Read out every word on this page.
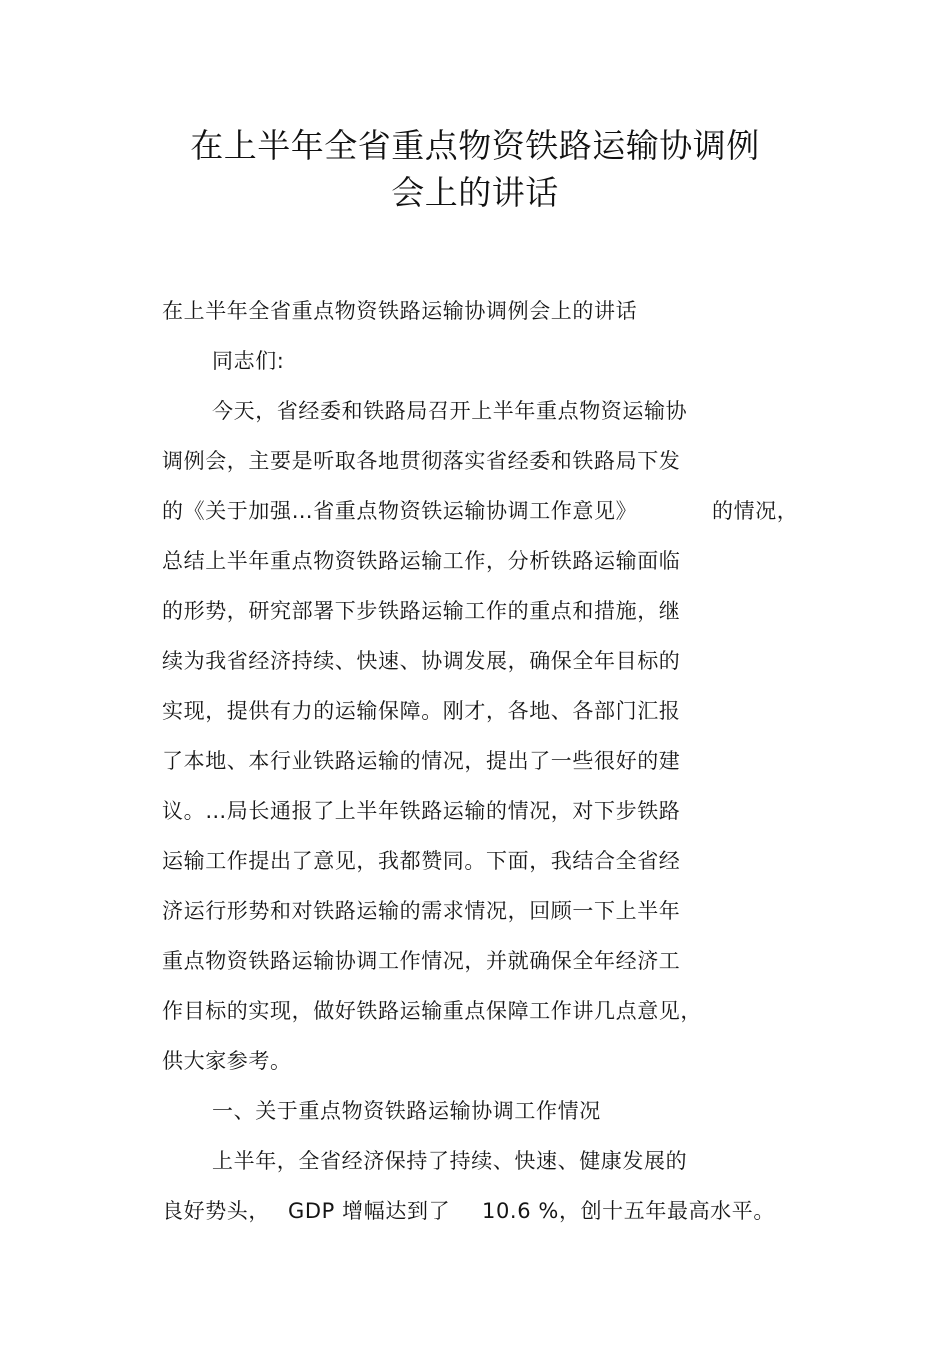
在上半年全省重点物资铁路运输协调例
会上的讲话
在上半年全省重点物资铁路运输协调例会上的讲话
同志们:
今天，省经委和铁路局召开上半年重点物资运输协
调例会，主要是听取各地贯彻落实省经委和铁路局下发
的《关于加强…省重点物资铁运输协调工作意见》	的情况，
总结上半年重点物资铁路运输工作，分析铁路运输面临
的形势，研究部署下步铁路运输工作的重点和措施，继
续为我省经济持续、快速、协调发展，确保全年目标的
实现，提供有力的运输保障。刚才，各地、各部门汇报
了本地、本行业铁路运输的情况，提出了一些很好的建
议。…局长通报了上半年铁路运输的情况，对下步铁路
运输工作提出了意见，我都赞同。下面，我结合全省经
济运行形势和对铁路运输的需求情况，回顾一下上半年
重点物资铁路运输协调工作情况，并就确保全年经济工
作目标的实现，做好铁路运输重点保障工作讲几点意见，
供大家参考。
一、关于重点物资铁路运输协调工作情况
上半年，全省经济保持了持续、快速、健康发展的
良好势头， GDP 增幅达到了 10.6 %，创十五年最高水平。
